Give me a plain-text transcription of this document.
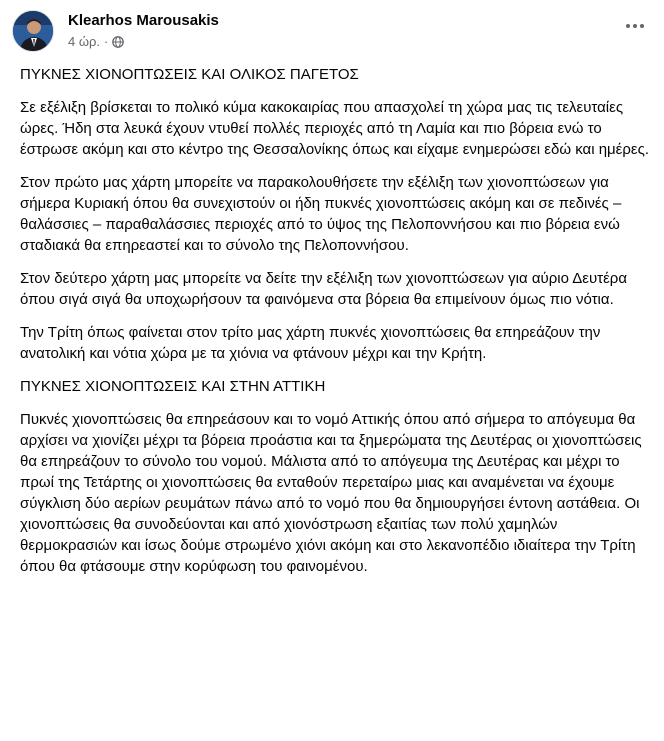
Klearhos Marousakis
4 ώρ. ·

ΠΥΚΝΕΣ ΧΙΟΝΟΠΤΩΣΕΙΣ ΚΑΙ ΟΛΙΚΟΣ ΠΑΓΕΤΟΣ

Σε εξέλιξη βρίσκεται το πολικό κύμα κακοκαιρίας που απασχολεί τη χώρα μας τις τελευταίες ώρες. Ήδη στα λευκά έχουν ντυθεί πολλές περιοχές από τη Λαμία και πιο βόρεια ενώ το έστρωσε ακόμη και στο κέντρο της Θεσσαλονίκης όπως και είχαμε ενημερώσει εδώ και ημέρες.

Στον πρώτο μας χάρτη μπορείτε να παρακολουθήσετε την εξέλιξη των χιονοπτώσεων για σήμερα Κυριακή όπου θα συνεχιστούν οι ήδη πυκνές χιονοπτώσεις ακόμη και σε πεδινές – θαλάσσιες – παραθαλάσσιες περιοχές από το ύψος της Πελοποννήσου και πιο βόρεια ενώ σταδιακά θα επηρεαστεί και το σύνολο της Πελοποννήσου.

Στον δεύτερο χάρτη μας μπορείτε να δείτε την εξέλιξη των χιονοπτώσεων για αύριο Δευτέρα όπου σιγά σιγά θα υποχωρήσουν τα φαινόμενα στα βόρεια θα επιμείνουν όμως πιο νότια.

Την Τρίτη όπως φαίνεται στον τρίτο μας χάρτη πυκνές χιονοπτώσεις θα επηρεάζουν την ανατολική και νότια χώρα με τα χιόνια να φτάνουν μέχρι και την Κρήτη.

ΠΥΚΝΕΣ ΧΙΟΝΟΠΤΩΣΕΙΣ ΚΑΙ ΣΤΗΝ ΑΤΤΙΚΗ

Πυκνές χιονοπτώσεις θα επηρεάσουν και το νομό Αττικής όπου από σήμερα το απόγευμα θα αρχίσει να χιονίζει μέχρι τα βόρεια προάστια και τα ξημερώματα της Δευτέρας οι χιονοπτώσεις θα επηρεάζουν το σύνολο του νομού. Μάλιστα από το απόγευμα της Δευτέρας και μέχρι το πρωί της Τετάρτης οι χιονοπτώσεις θα ενταθούν περεταίρω μιας και αναμένεται να έχουμε σύγκλιση δύο αερίων ρευμάτων πάνω από το νομό που θα δημιουργήσει έντονη αστάθεια. Οι χιονοπτώσεις θα συνοδεύονται και από χιονόστρωση εξαιτίας των πολύ χαμηλών θερμοκρασιών και ίσως δούμε στρωμένο χιόνι ακόμη και στο λεκανοπέδιο ιδιαίτερα την Τρίτη όπου θα φτάσουμε στην κορύφωση του φαινομένου.
